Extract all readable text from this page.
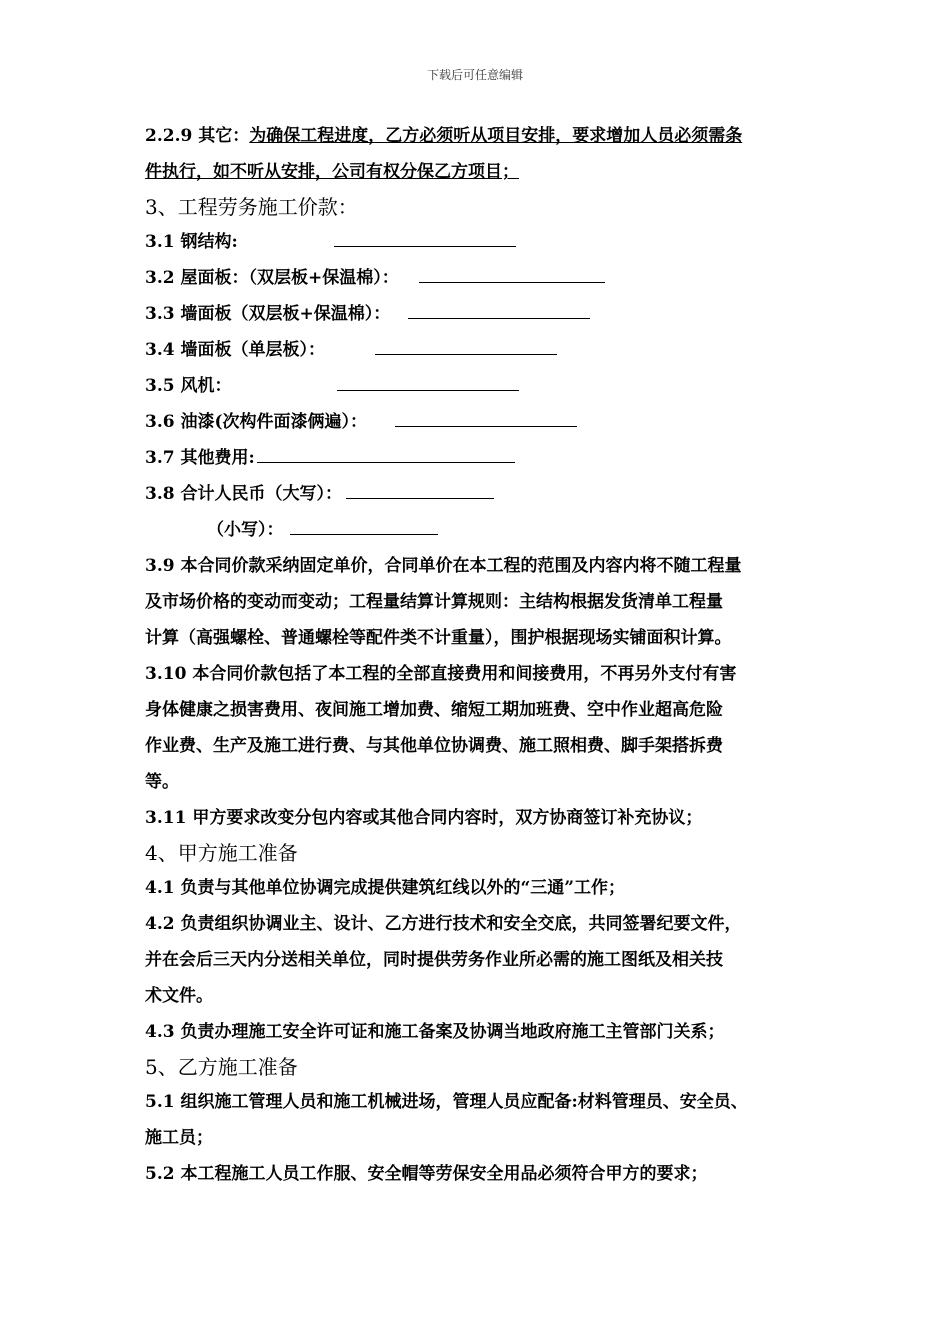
下载后可任意编辑
2.2.9 其它：为确保工程进度，乙方必须听从项目安排，要求增加人员必须需条
件执行，如不听从安排，公司有权分保乙方项目；
3、工程劳务施工价款：
3.1 钢结构:
3.2 屋面板：（双层板+保温棉）：
3.3 墙面板（双层板+保温棉）：
3.4 墙面板（单层板）：
3.5 风机：
3.6 油漆(次构件面漆俩遍）：
3.7 其他费用:
3.8 合计人民币（大写）：
（小写）：
3.9 本合同价款采纳固定单价，合同单价在本工程的范围及内容内将不随工程量
及市场价格的变动而变动；工程量结算计算规则：主结构根据发货清单工程量
计算（高强螺栓、普通螺栓等配件类不计重量），围护根据现场实铺面积计算。
3.10 本合同价款包括了本工程的全部直接费用和间接费用，不再另外支付有害
身体健康之损害费用、夜间施工增加费、缩短工期加班费、空中作业超高危险
作业费、生产及施工进行费、与其他单位协调费、施工照相费、脚手架搭拆费
等。
3.11 甲方要求改变分包内容或其他合同内容时，双方协商签订补充协议；
4、甲方施工准备
4.1 负责与其他单位协调完成提供建筑红线以外的“三通”工作；
4.2 负责组织协调业主、设计、乙方进行技术和安全交底，共同签署纪要文件，
并在会后三天内分送相关单位，同时提供劳务作业所必需的施工图纸及相关技
术文件。
4.3 负责办理施工安全许可证和施工备案及协调当地政府施工主管部门关系；
5、乙方施工准备
5.1 组织施工管理人员和施工机械进场，管理人员应配备:材料管理员、安全员、
施工员；
5.2 本工程施工人员工作服、安全帽等劳保安全用品必须符合甲方的要求；
